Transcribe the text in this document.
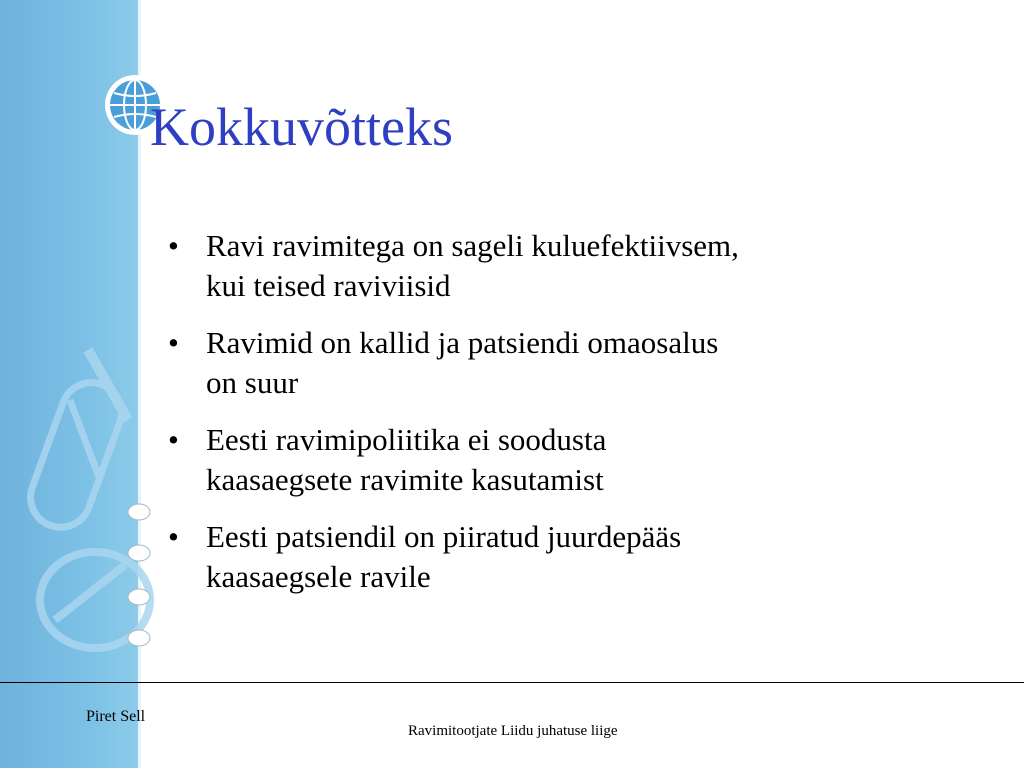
Kokkuvõtteks
• Ravi ravimitega on sageli kuluefektiivsem,
kui teised raviviisid
• Ravimid on kallid ja patsiendi omaosalus
on suur
• Eesti ravimipoliitika ei soodusta
kaasaegsete ravimite kasutamist
• Eesti patsiendil on piiratud juurdepääs
kaasaegsele ravile
Piret Sell
Ravimitootjate Liidu juhatuse liige
